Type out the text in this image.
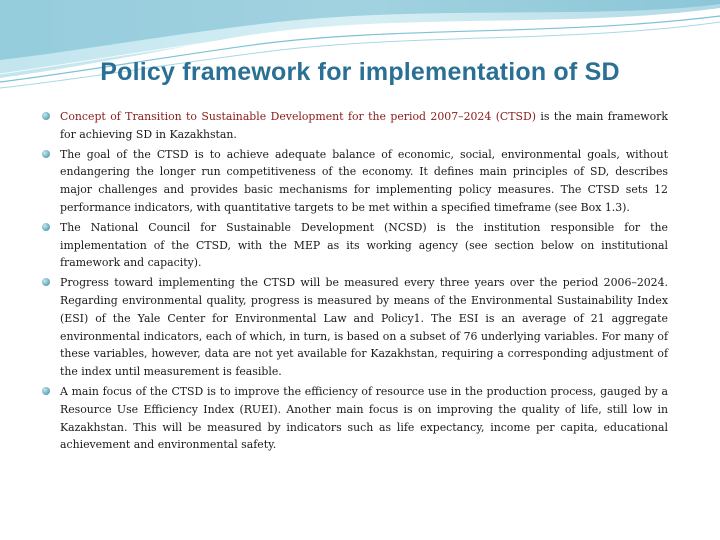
Policy framework for implementation of SD
Concept of Transition to Sustainable Development for the period 2007–2024 (CTSD) is the main framework for achieving SD in Kazakhstan.
The goal of the CTSD is to achieve adequate balance of economic, social, environmental goals, without endangering the longer run competitiveness of the economy. It defines main principles of SD, describes major challenges and provides basic mechanisms for implementing policy measures. The CTSD sets 12 performance indicators, with quantitative targets to be met within a specified timeframe (see Box 1.3).
The National Council for Sustainable Development (NCSD) is the institution responsible for the implementation of the CTSD, with the MEP as its working agency (see section below on institutional framework and capacity).
Progress toward implementing the CTSD will be measured every three years over the period 2006–2024. Regarding environmental quality, progress is measured by means of the Environmental Sustainability Index (ESI) of the Yale Center for Environmental Law and Policy1. The ESI is an average of 21 aggregate environmental indicators, each of which, in turn, is based on a subset of 76 underlying variables. For many of these variables, however, data are not yet available for Kazakhstan, requiring a corresponding adjustment of the index until measurement is feasible.
A main focus of the CTSD is to improve the efficiency of resource use in the production process, gauged by a Resource Use Efficiency Index (RUEI). Another main focus is on improving the quality of life, still low in Kazakhstan. This will be measured by indicators such as life expectancy, income per capita, educational achievement and environmental safety.
